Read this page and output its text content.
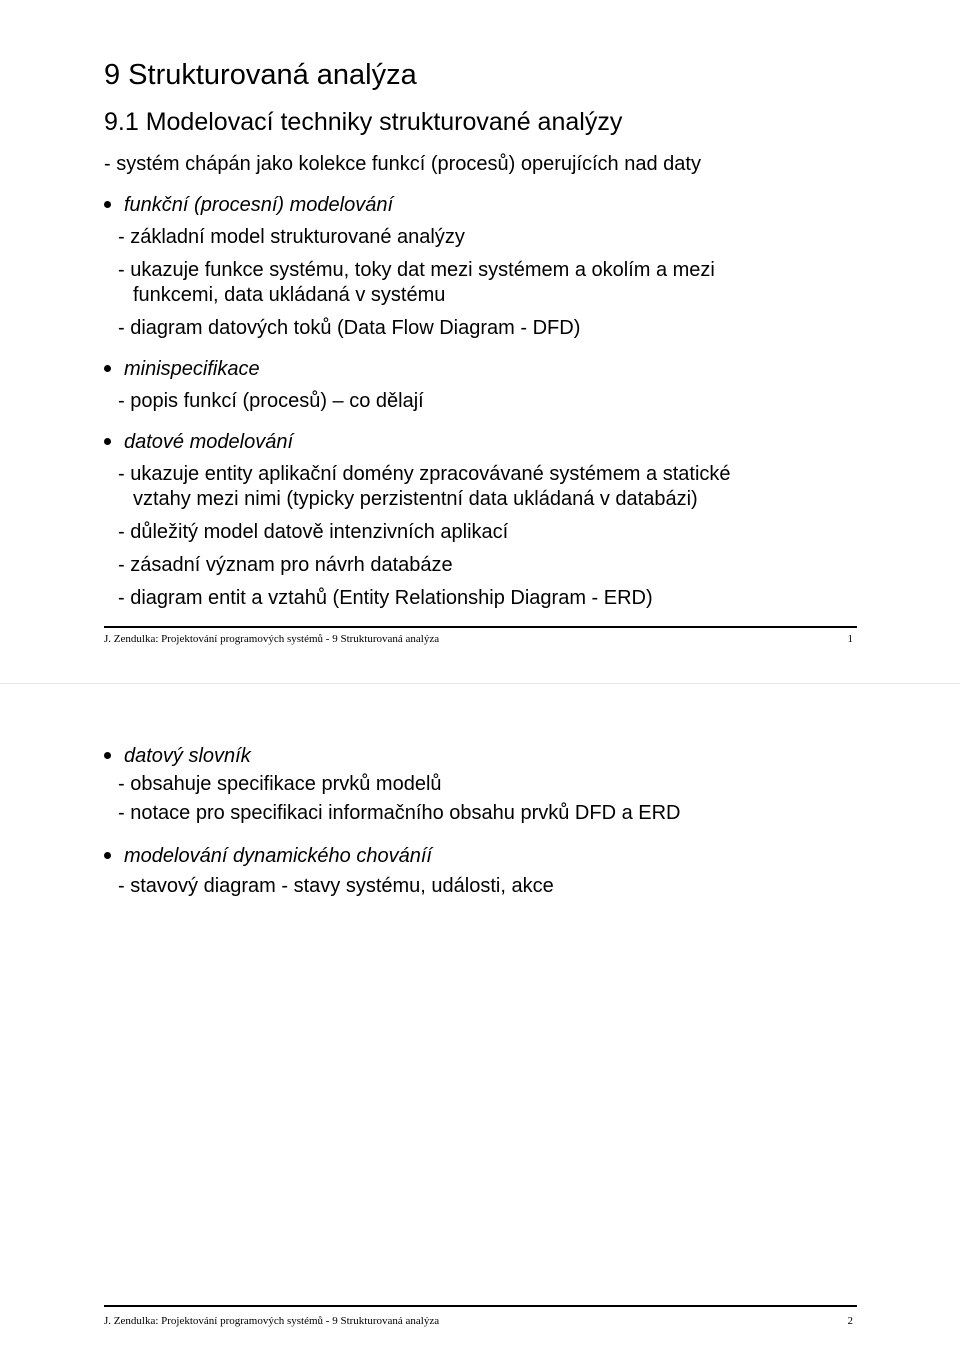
9 Strukturovaná analýza
9.1 Modelovací techniky strukturované analýzy
- systém chápán jako kolekce funkcí (procesů) operujících nad daty
funkční (procesní) modelování
- základní model strukturované analýzy
- ukazuje funkce systému, toky dat mezi systémem a okolím a mezi
funkcemi, data ukládaná v systému
- diagram datových toků (Data Flow Diagram - DFD)
minispecifikace
- popis funkcí (procesů) – co dělají
datové modelování
- ukazuje entity aplikační domény zpracovávané systémem a statické
vztahy mezi nimi (typicky perzistentní data ukládaná v databázi)
- důležitý model datově intenzivních aplikací
- zásadní význam pro návrh databáze
- diagram entit a vztahů (Entity Relationship Diagram - ERD)
J. Zendulka: Projektování programových systémů - 9 Strukturovaná analýza	1
datový slovník
- obsahuje specifikace prvků modelů
- notace pro specifikaci informačního obsahu prvků DFD a ERD
modelování dynamického chováníí
- stavový diagram - stavy systému, události, akce
J. Zendulka: Projektování programových systémů - 9 Strukturovaná analýza	2
